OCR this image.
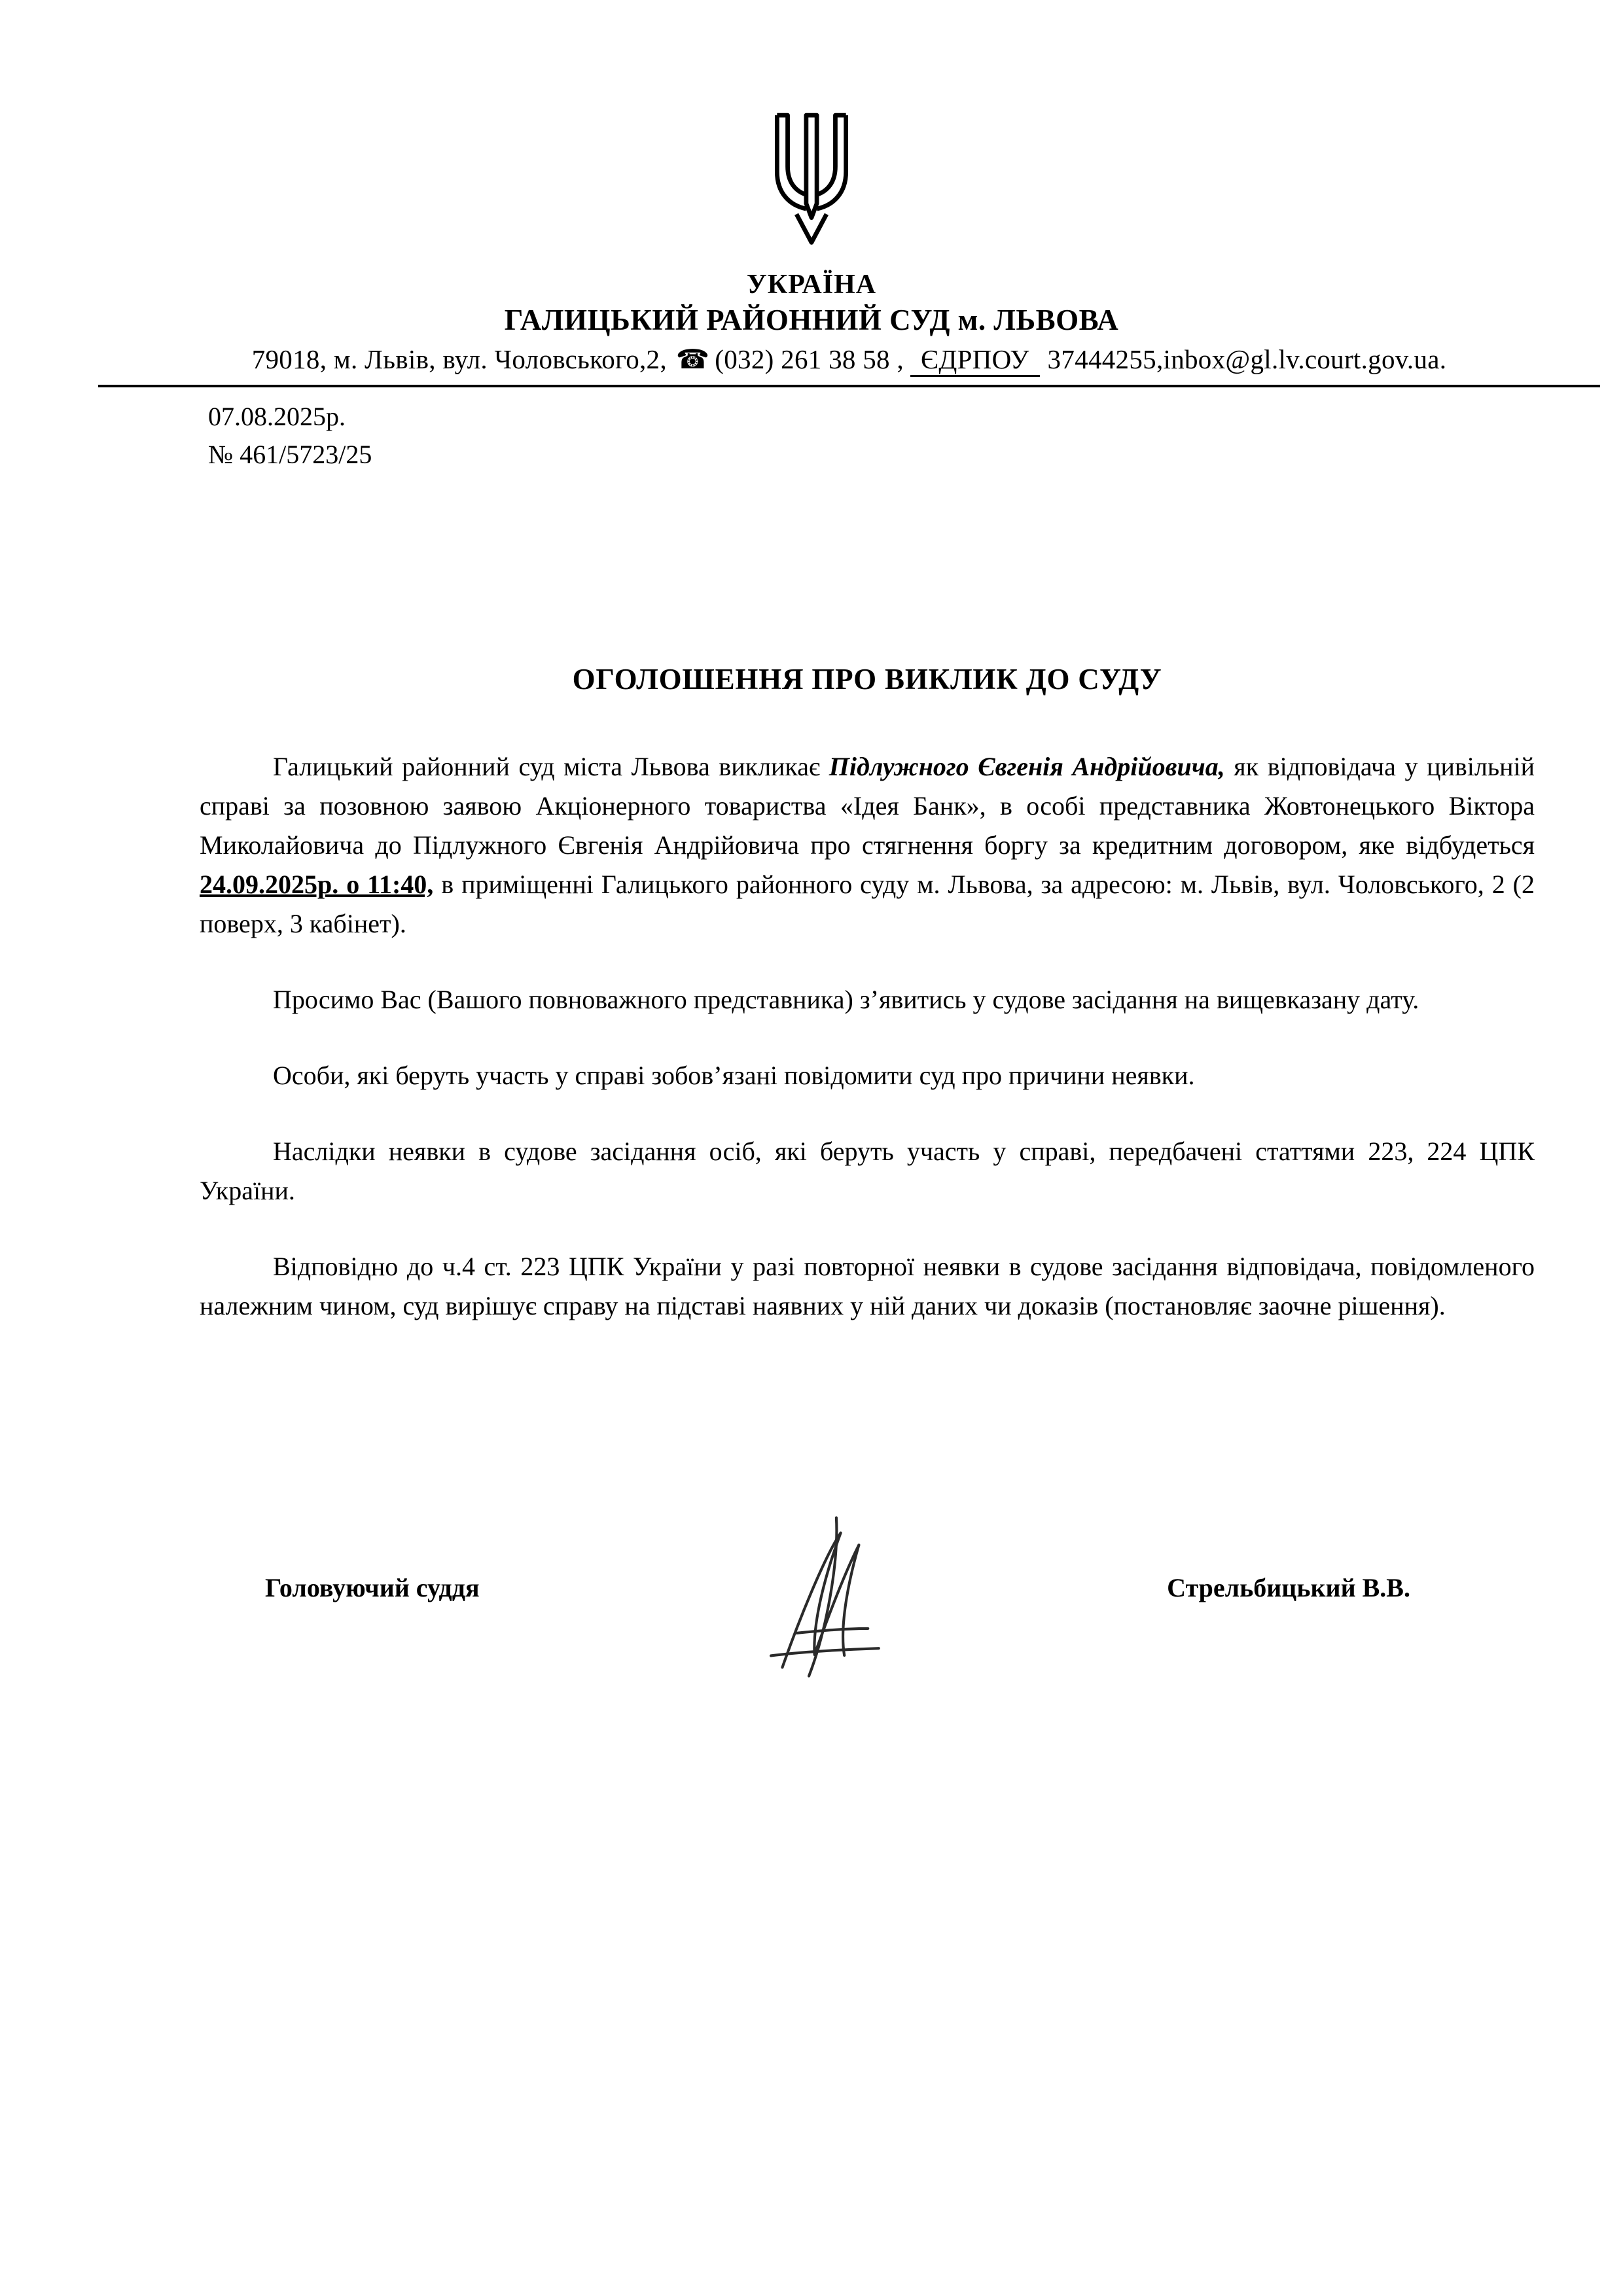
УКРАЇНА
ГАЛИЦЬКИЙ РАЙОННИЙ СУД м. ЛЬВОВА
79018, м. Львів, вул. Чоловського,2, ☎ (032) 261 38 58 , ЄДРПОУ 37444255,inbox@gl.lv.court.gov.ua.
07.08.2025р.
№ 461/5723/25
ОГОЛОШЕННЯ ПРО ВИКЛИК ДО СУДУ

Галицький районний суд міста Львова викликає Підлужного Євгенія Андрійовича, як відповідача у цивільній справі за позовною заявою Акціонерного товариства «Ідея Банк», в особі представника Жовтонецького Віктора Миколайовича до Підлужного Євгенія Андрійовича про стягнення боргу за кредитним договором, яке відбудеться 24.09.2025р. о 11:40, в приміщенні Галицького районного суду м. Львова, за адресою: м. Львів, вул. Чоловського, 2 (2 поверх, 3 кабінет).

Просимо Вас (Вашого повноважного представника) з’явитись у судове засідання на вищевказану дату.

Особи, які беруть участь у справі зобов’язані повідомити суд про причини неявки.

Наслідки неявки в судове засідання осіб, які беруть участь у справі, передбачені статтями 223, 224 ЦПК України.

Відповідно до ч.4 ст. 223 ЦПК України у разі повторної неявки в судове засідання відповідача, повідомленого належним чином, суд вирішує справу на підставі наявних у ній даних чи доказів (постановляє заочне рішення).

Головуючий суддя	Стрельбицький В.В.
